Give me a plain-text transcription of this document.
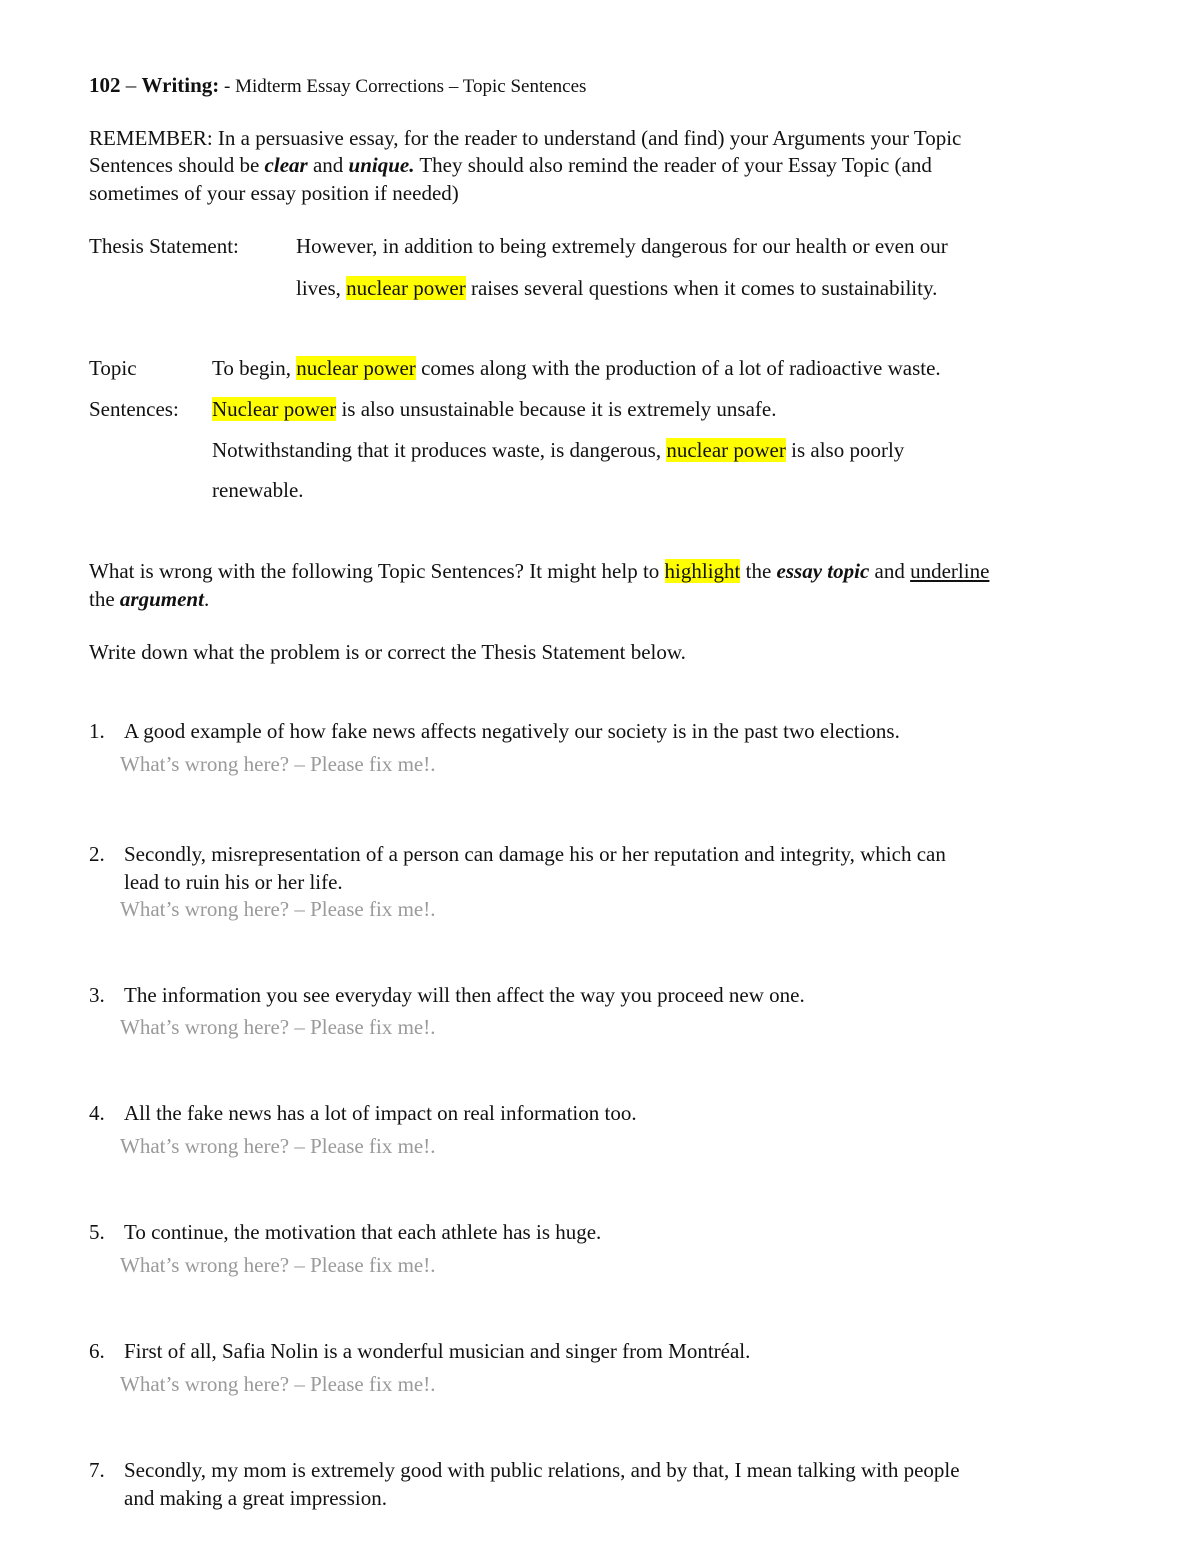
102 – Writing: - Midterm Essay Corrections – Topic Sentences
REMEMBER: In a persuasive essay, for the reader to understand (and find) your Arguments your Topic
Sentences should be clear and unique. They should also remind the reader of your Essay Topic (and
sometimes of your essay position if needed)
Thesis Statement:	However, in addition to being extremely dangerous for our health or even our
lives, nuclear power raises several questions when it comes to sustainability.
Topic
Sentences:
To begin, nuclear power comes along with the production of a lot of radioactive waste.
Nuclear power is also unsustainable because it is extremely unsafe.
Notwithstanding that it produces waste, is dangerous, nuclear power is also poorly
renewable.
What is wrong with the following Topic Sentences? It might help to highlight the essay topic and underline
the argument.
Write down what the problem is or correct the Thesis Statement below.
1. A good example of how fake news affects negatively our society is in the past two elections.
What’s wrong here? – Please fix me!.
2. Secondly, misrepresentation of a person can damage his or her reputation and integrity, which can
lead to ruin his or her life.
What’s wrong here? – Please fix me!.
3. The information you see everyday will then affect the way you proceed new one.
What’s wrong here? – Please fix me!.
4. All the fake news has a lot of impact on real information too.
What’s wrong here? – Please fix me!.
5. To continue, the motivation that each athlete has is huge.
What’s wrong here? – Please fix me!.
6. First of all, Safia Nolin is a wonderful musician and singer from Montréal.
What’s wrong here? – Please fix me!.
7. Secondly, my mom is extremely good with public relations, and by that, I mean talking with people
and making a great impression.
